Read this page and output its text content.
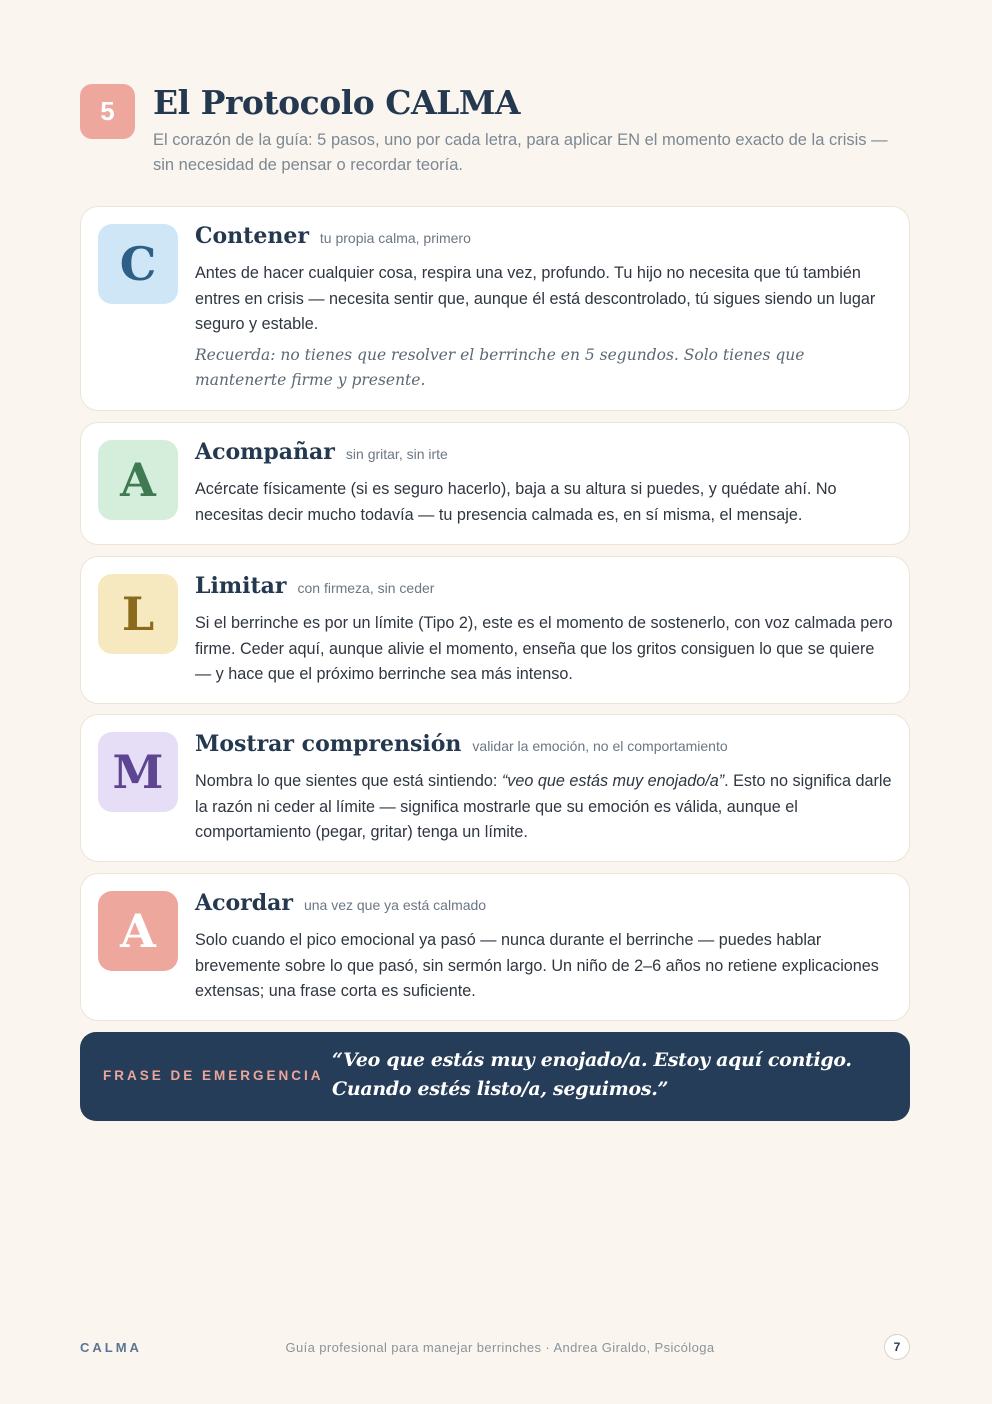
5	El Protocolo CALMA

El corazón de la guía: 5 pasos, uno por cada letra, para aplicar EN el momento exacto de la crisis — sin necesidad de pensar o recordar teoría.

C
Contener tu propia calma, primero

Antes de hacer cualquier cosa, respira una vez, profundo. Tu hijo no necesita que tú también entres en crisis — necesita sentir que, aunque él está descontrolado, tú sigues siendo un lugar seguro y estable.

Recuerda: no tienes que resolver el berrinche en 5 segundos. Solo tienes que mantenerte firme y presente.

A
Acompañar sin gritar, sin irte

Acércate físicamente (si es seguro hacerlo), baja a su altura si puedes, y quédate ahí. No necesitas decir mucho todavía — tu presencia calmada es, en sí misma, el mensaje.

L
Limitar con firmeza, sin ceder

Si el berrinche es por un límite (Tipo 2), este es el momento de sostenerlo, con voz calmada pero firme. Ceder aquí, aunque alivie el momento, enseña que los gritos consiguen lo que se quiere — y hace que el próximo berrinche sea más intenso.

M
Mostrar comprensión validar la emoción, no el comportamiento

Nombra lo que sientes que está sintiendo: “veo que estás muy enojado/a”. Esto no significa darle la razón ni ceder al límite — significa mostrarle que su emoción es válida, aunque el comportamiento (pegar, gritar) tenga un límite.

A
Acordar una vez que ya está calmado

Solo cuando el pico emocional ya pasó — nunca durante el berrinche — puedes hablar brevemente sobre lo que pasó, sin sermón largo. Un niño de 2–6 años no retiene explicaciones extensas; una frase corta es suficiente.

FRASE DE EMERGENCIA
“Veo que estás muy enojado/a. Estoy aquí contigo. Cuando estés listo/a, seguimos.”
CALMA	Guía profesional para manejar berrinches · Andrea Giraldo, Psicóloga	7
